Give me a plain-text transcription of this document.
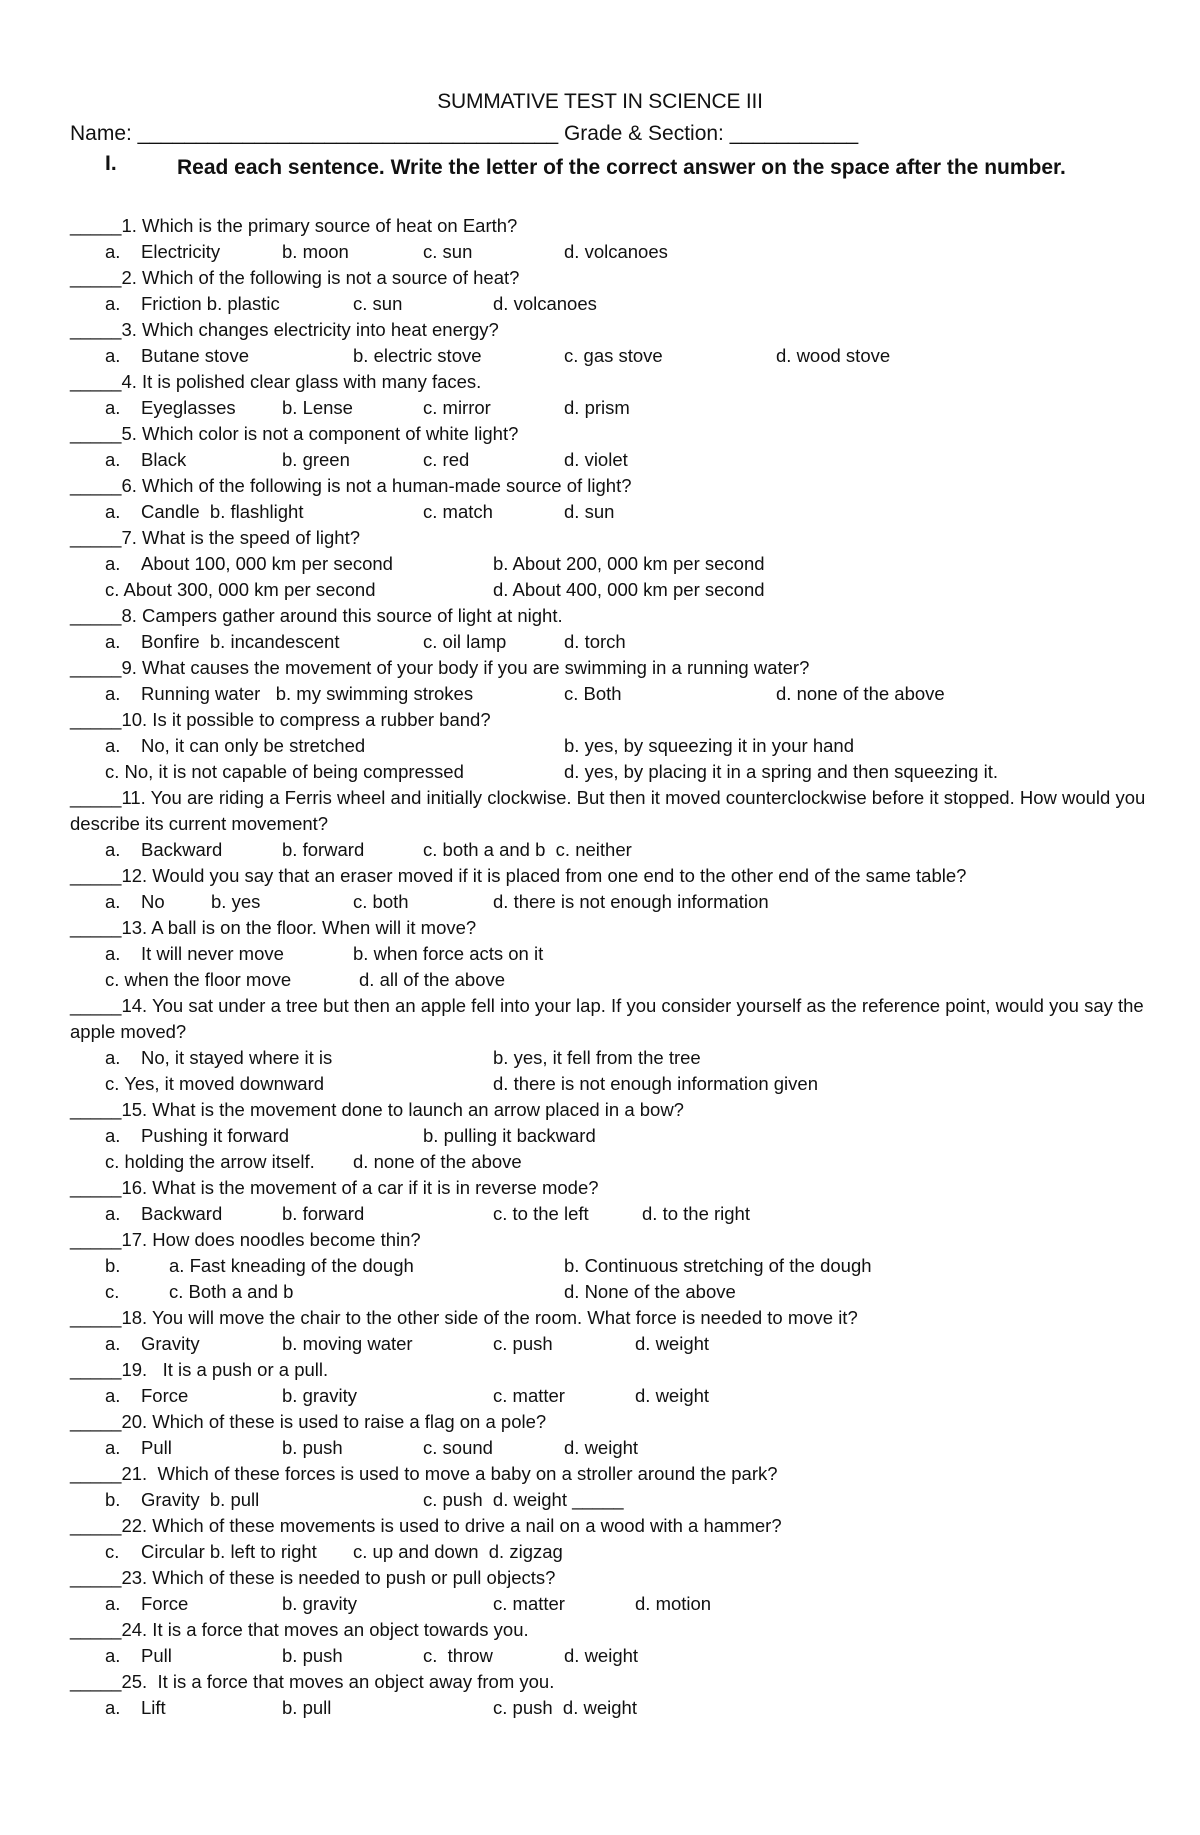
SUMMATIVE TEST IN SCIENCE III
Name: ____________________________________ Grade & Section: ___________
I.	Read each sentence. Write the letter of the correct answer on the space after the number.
_____1. Which is the primary source of heat on Earth?
a. Electricity	b. moon	c. sun	d. volcanoes
_____2. Which of the following is not a source of heat?
a. Friction b. plastic	c. sun	d. volcanoes
_____3. Which changes electricity into heat energy?
a. Butane stove	b. electric stove	c. gas stove	d. wood stove
_____4. It is polished clear glass with many faces.
a. Eyeglasses	b. Lense	c. mirror	d. prism
_____5. Which color is not a component of white light?
a. Black	b. green	c. red	d. violet
_____6. Which of the following is not a human-made source of light?
a. Candle  b. flashlight	c. match	d. sun
_____7. What is the speed of light?
a. About 100, 000 km per second	b. About 200, 000 km per second
c. About 300, 000 km per second	d. About 400, 000 km per second
_____8. Campers gather around this source of light at night.
a. Bonfire  b. incandescent	c. oil lamp	d. torch
_____9. What causes the movement of your body if you are swimming in a running water?
a. Running water   b. my swimming strokes	c. Both	d. none of the above
_____10. Is it possible to compress a rubber band?
a. No, it can only be stretched	b. yes, by squeezing it in your hand
c. No, it is not capable of being compressed	d. yes, by placing it in a spring and then squeezing it.
_____11. You are riding a Ferris wheel and initially clockwise. But then it moved counterclockwise before it stopped. How would you describe its current movement?
a. Backward	b. forward	c. both a and b  c. neither
_____12. Would you say that an eraser moved if it is placed from one end to the other end of the same table?
a. No	b. yes	c. both	d. there is not enough information
_____13. A ball is on the floor. When will it move?
a. It will never move	b. when force acts on it
c. when the floor move	d. all of the above
_____14. You sat under a tree but then an apple fell into your lap. If you consider yourself as the reference point, would you say the apple moved?
a. No, it stayed where it is	b. yes, it fell from the tree
c. Yes, it moved downward	d. there is not enough information given
_____15. What is the movement done to launch an arrow placed in a bow?
a. Pushing it forward	b. pulling it backward
c. holding the arrow itself. d. none of the above
_____16. What is the movement of a car if it is in reverse mode?
a. Backward	b. forward	c. to the left	d. to the right
_____17. How does noodles become thin?
b.	a. Fast kneading of the dough	b. Continuous stretching of the dough
c.	c. Both a and b	d. None of the above
_____18. You will move the chair to the other side of the room. What force is needed to move it?
a. Gravity	b. moving water	c. push	d. weight
_____19.   It is a push or a pull.
a. Force	b. gravity	c. matter	d. weight
_____20. Which of these is used to raise a flag on a pole?
a. Pull	b. push	c. sound	d. weight
_____21.  Which of these forces is used to move a baby on a stroller around the park?
b. Gravity  b. pull	c. push  d. weight _____
_____22. Which of these movements is used to drive a nail on a wood with a hammer?
c. Circular b. left to right c. up and down  d. zigzag
_____23. Which of these is needed to push or pull objects?
a. Force	b. gravity	c. matter	d. motion
_____24. It is a force that moves an object towards you.
a. Pull	b. push	c.  throw	d. weight
_____25.  It is a force that moves an object away from you.
a. Lift	b. pull	c. push  d. weight
